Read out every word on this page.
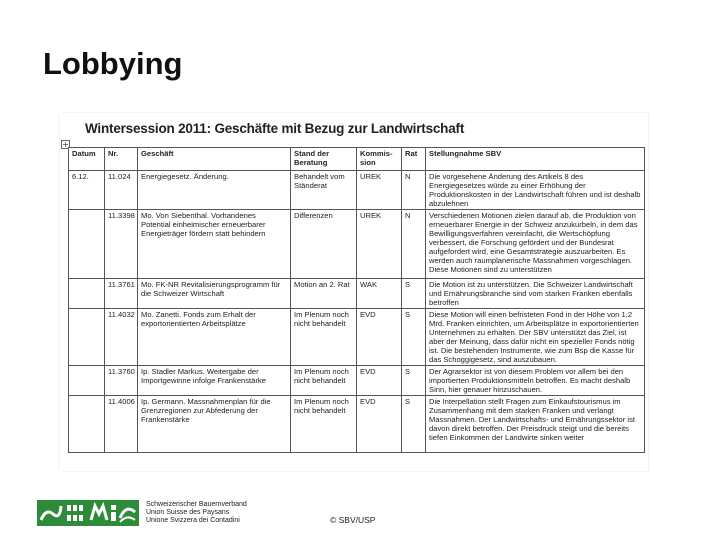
Lobbying
Wintersession 2011: Geschäfte mit Bezug zur Landwirtschaft
+
Datum	Nr.	Geschäft	Stand der Beratung	Kommis-sion	Rat	Stellungnahme SBV
6.12.	11.024	Energiegesetz. Änderung.	Behandelt vom Ständerat	UREK	N	Die vorgesehene Änderung des Artikels 8 des Energiegesetzes würde zu einer Erhöhung der Produktionskosten in der Landwirtschaft führen und ist deshalb abzulehnen
	11.3398	Mo. Von Siebenthal. Vorhandenes Potential einheimischer erneuerbarer Energieträger fördern statt behindern	Differenzen	UREK	N	Verschiedenen Motionen zielen darauf ab, die Produktion von erneuerbarer Energie in der Schweiz anzukurbeln, in dem das Bewilligungsverfahren vereinfacht, die Wertschöpfung verbessert, die Forschung gefördert und der Bundesrat aufgefordert wird, eine Gesamtstrategie auszuarbeiten. Es werden auch raumplanerische Massnahmen vorgeschlagen. Diese Motionen sind zu unterstützen
	11.3761	Mo. FK-NR Revitalisierungsprogramm für die Schweizer Wirtschaft	Motion an 2. Rat	WAK	S	Die Motion ist zu unterstützen. Die Schweizer Landwirtschaft und Ernährungsbranche sind vom starken Franken ebenfalls betroffen
	11.4032	Mo. Zanetti. Fonds zum Erhalt der exportorientierten Arbeitsplätze	Im Plenum noch nicht behandelt	EVD	S	Diese Motion will einen befristeten Fond in der Höhe von 1,2 Mrd. Franken einrichten, um Arbeitsplätze in exportorientierten Unternehmen zu erhalten. Der SBV unterstützt das Ziel, ist aber der Meinung, dass dafür nicht ein spezieller Fonds nötig ist. Die bestehenden Instrumente, wie zum Bsp die Kasse für das Schoggigesetz, sind auszubauen.
	11.3760	Ip. Stadler Markus. Weitergabe der Importgewinne infolge Frankenstärke	Im Plenum noch nicht behandelt	EVD	S	Der Agrarsektor ist von diesem Problem vor allem bei den importierten Produktionsmitteln betroffen. Es macht deshalb Sinn, hier genauer hinzuschauen.
	11.4006	Ip. Germann. Massnahmenplan für die Grenzregionen zur Abfederung der Frankenstärke	Im Plenum noch nicht behandelt	EVD	S	Die Interpellation stellt Fragen zum Einkaufstourismus im Zusammenhang mit dem starken Franken und verlangt Massnahmen. Der Landwirtschafts- und Ernährungssektor ist davon direkt betroffen. Der Preisdruck steigt und die bereits tiefen Einkommen der Landwirte sinken weiter
Schweizerischer Bauernverband
Union Suisse des Paysans
Unione Svizzera dei Contadini	© SBV/USP
